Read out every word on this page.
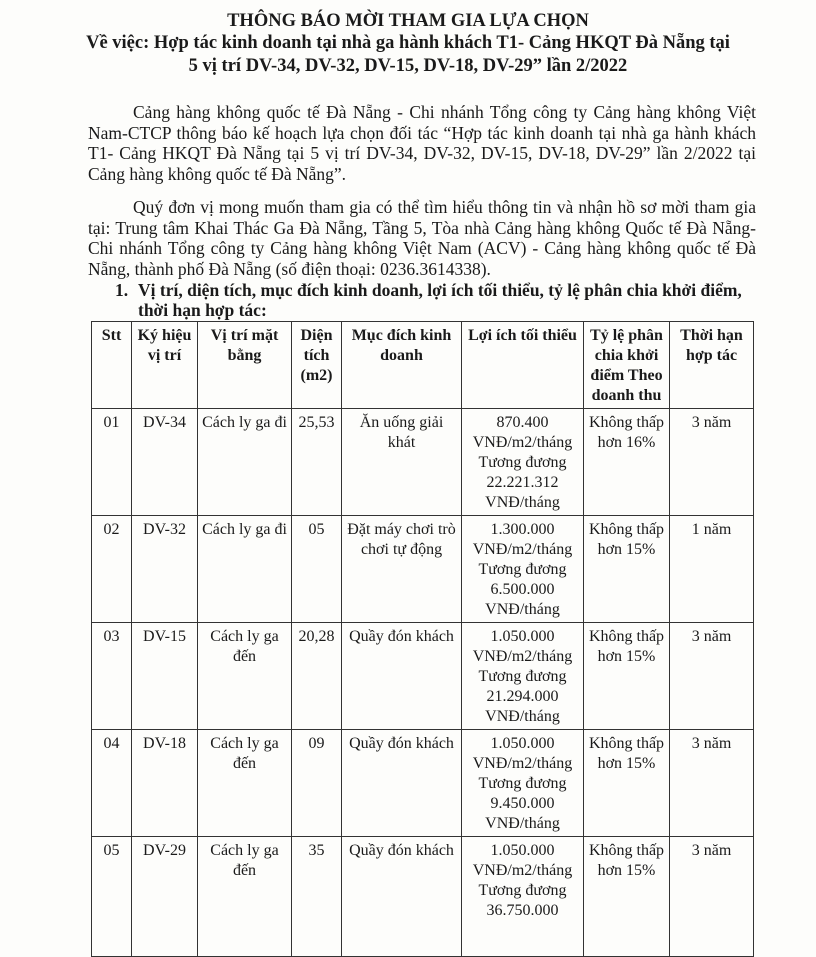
THÔNG BÁO MỜI THAM GIA LỰA CHỌN
Về việc: Hợp tác kinh doanh tại nhà ga hành khách T1- Cảng HKQT Đà Nẵng tại
5 vị trí DV-34, DV-32, DV-15, DV-18, DV-29” lần 2/2022
Cảng hàng không quốc tế Đà Nẵng - Chi nhánh Tổng công ty Cảng hàng không Việt Nam-CTCP thông báo kế hoạch lựa chọn đối tác “Hợp tác kinh doanh tại nhà ga hành khách T1- Cảng HKQT Đà Nẵng tại 5 vị trí DV-34, DV-32, DV-15, DV-18, DV-29” lần 2/2022 tại Cảng hàng không quốc tế Đà Nẵng”.
Quý đơn vị mong muốn tham gia có thể tìm hiểu thông tin và nhận hồ sơ mời tham gia tại: Trung tâm Khai Thác Ga Đà Nẵng, Tầng 5, Tòa nhà Cảng hàng không Quốc tế Đà Nẵng- Chi nhánh Tổng công ty Cảng hàng không Việt Nam (ACV) - Cảng hàng không quốc tế Đà Nẵng, thành phố Đà Nẵng (số điện thoại: 0236.3614338).
1. Vị trí, diện tích, mục đích kinh doanh, lợi ích tối thiểu, tỷ lệ phân chia khởi điểm, thời hạn hợp tác:
Stt	Ký hiệu vị trí	Vị trí mặt bằng	Diện tích (m2)	Mục đích kinh doanh	Lợi ích tối thiểu	Tỷ lệ phân chia khởi điểm Theo doanh thu	Thời hạn hợp tác
01	DV-34	Cách ly ga đi	25,53	Ăn uống giải khát	870.400 VNĐ/m2/tháng
Tương đương
22.221.312 VNĐ/tháng	Không thấp hơn 16%	3 năm
02	DV-32	Cách ly ga đi	05	Đặt máy chơi trò chơi tự động	1.300.000 VNĐ/m2/tháng
Tương đương
6.500.000 VNĐ/tháng	Không thấp hơn 15%	1 năm
03	DV-15	Cách ly ga đến	20,28	Quầy đón khách	1.050.000 VNĐ/m2/tháng
Tương đương
21.294.000 VNĐ/tháng	Không thấp hơn 15%	3 năm
04	DV-18	Cách ly ga đến	09	Quầy đón khách	1.050.000 VNĐ/m2/tháng
Tương đương
9.450.000 VNĐ/tháng	Không thấp hơn 15%	3 năm
05	DV-29	Cách ly ga đến	35	Quầy đón khách	1.050.000 VNĐ/m2/tháng
Tương đương
36.750.000	Không thấp hơn 15%	3 năm
